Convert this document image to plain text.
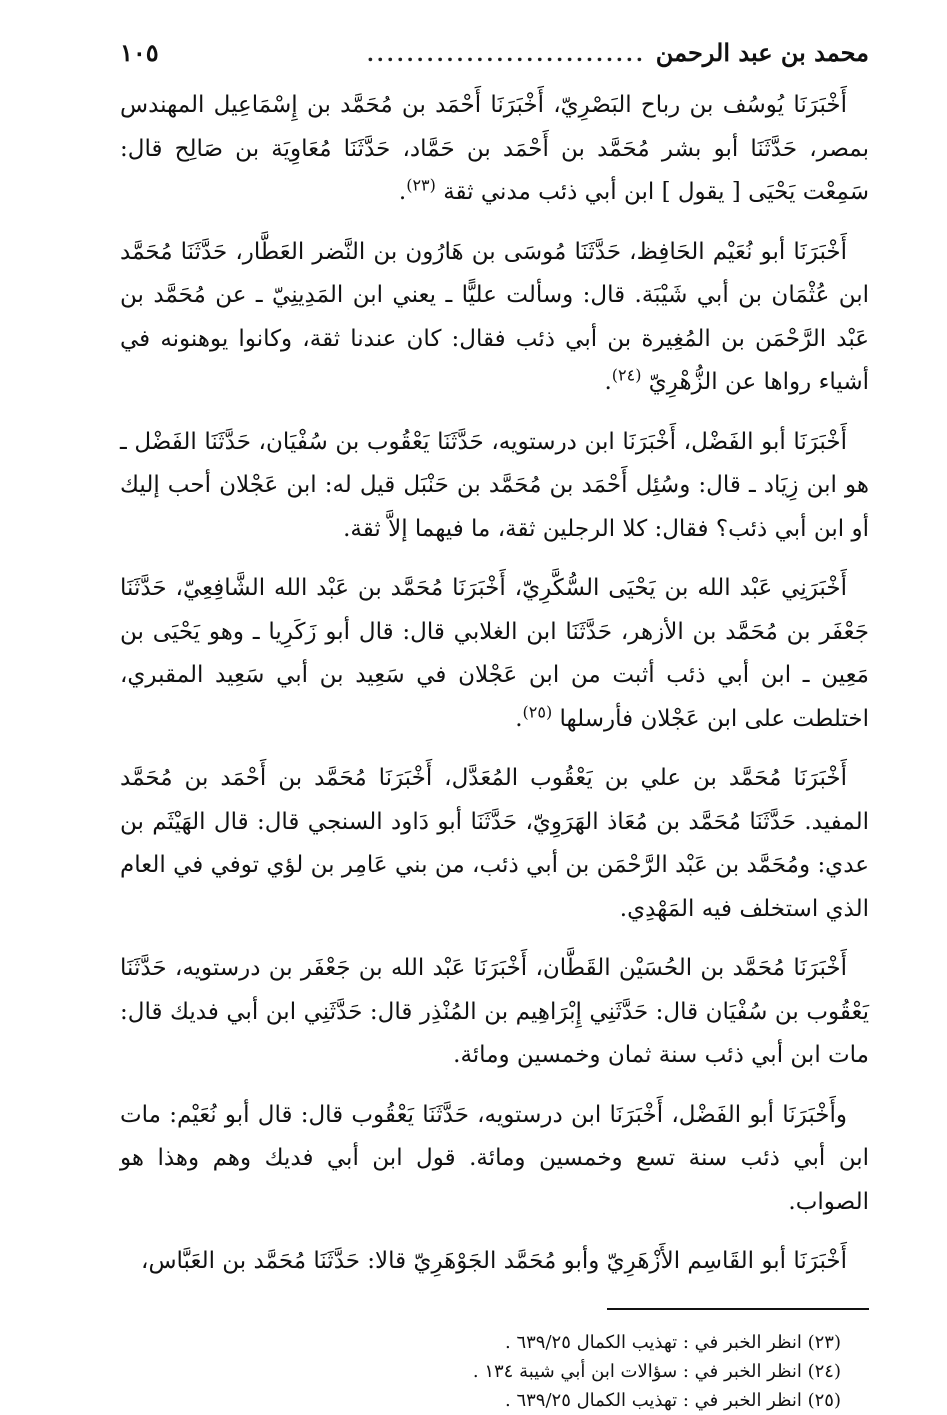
محمد بن عبد الرحمن
............................
١٠٥

أَخْبَرَنَا يُوسُف بن رباح البَصْرِيّ، أَخْبَرَنَا أَحْمَد بن مُحَمَّد بن إِسْمَاعِيل المهندس بمصر، حَدَّثَنَا أبو بشر مُحَمَّد بن أَحْمَد بن حَمَّاد، حَدَّثَنَا مُعَاوِيَة بن صَالِح قال: سَمِعْت يَحْيَى [ يقول ] ابن أبي ذئب مدني ثقة $^{(٢٣)}$.

أَخْبَرَنَا أبو نُعَيْم الحَافِظ، حَدَّثَنَا مُوسَى بن هَارُون بن النَّضر العَطَّار، حَدَّثَنَا مُحَمَّد ابن عُثْمَان بن أبي شَيْبَة. قال: وسألت عليًّا ـ يعني ابن المَدِينِيّ ـ عن مُحَمَّد بن عَبْد الرَّحْمَن بن المُغِيرة بن أبي ذئب فقال: كان عندنا ثقة، وكانوا يوهنونه في أشياء رواها عن الزُّهْرِيّ $^{(٢٤)}$.

أَخْبَرَنَا أبو الفَضْل، أَخْبَرَنَا ابن درستويه، حَدَّثَنَا يَعْقُوب بن سُفْيَان، حَدَّثَنَا الفَضْل ـ هو ابن زِيَاد ـ قال: وسُئِل أَحْمَد بن مُحَمَّد بن حَنْبَل قيل له: ابن عَجْلان أحب إليك أو ابن أبي ذئب؟ فقال: كلا الرجلين ثقة، ما فيهما إلاَّ ثقة.

أَخْبَرَنِي عَبْد الله بن يَحْيَى السُّكَّرِيّ، أَخْبَرَنَا مُحَمَّد بن عَبْد الله الشَّافِعِيّ، حَدَّثَنَا جَعْفَر بن مُحَمَّد بن الأزهر، حَدَّثَنَا ابن الغلابي قال: قال أبو زَكَرِيا ـ وهو يَحْيَى بن مَعِين ـ ابن أبي ذئب أثبت من ابن عَجْلان في سَعِيد بن أبي سَعِيد المقبري، اختلطت على ابن عَجْلان فأرسلها $^{(٢٥)}$.

أَخْبَرَنَا مُحَمَّد بن علي بن يَعْقُوب المُعَدَّل، أَخْبَرَنَا مُحَمَّد بن أَحْمَد بن مُحَمَّد المفيد. حَدَّثَنَا مُحَمَّد بن مُعَاذ الهَرَوِيّ، حَدَّثَنَا أبو دَاود السنجي قال: قال الهَيْثَم بن عدي: ومُحَمَّد بن عَبْد الرَّحْمَن بن أبي ذئب، من بني عَامِر بن لؤي توفي في العام الذي استخلف فيه المَهْدِي.

أَخْبَرَنَا مُحَمَّد بن الحُسَيْن القَطَّان، أَخْبَرَنَا عَبْد الله بن جَعْفَر بن درستويه، حَدَّثَنَا يَعْقُوب بن سُفْيَان قال: حَدَّثَنِي إِبْرَاهِيم بن المُنْذِر قال: حَدَّثَنِي ابن أبي فديك قال: مات ابن أبي ذئب سنة ثمان وخمسين ومائة.

وأَخْبَرَنَا أبو الفَضْل، أَخْبَرَنَا ابن درستويه، حَدَّثَنَا يَعْقُوب قال: قال أبو نُعَيْم: مات ابن أبي ذئب سنة تسع وخمسين ومائة. قول ابن أبي فديك وهم وهذا هو الصواب.

أَخْبَرَنَا أبو القَاسِم الأَزْهَرِيّ وأبو مُحَمَّد الجَوْهَرِيّ قالا: حَدَّثَنَا مُحَمَّد بن العَبَّاس،

(٢٣) انظر الخبر في : تهذيب الكمال ٦٣٩/٢٥ .
(٢٤) انظر الخبر في : سؤالات ابن أبي شيبة ١٣٤ .
(٢٥) انظر الخبر في : تهذيب الكمال ٦٣٩/٢٥ .
